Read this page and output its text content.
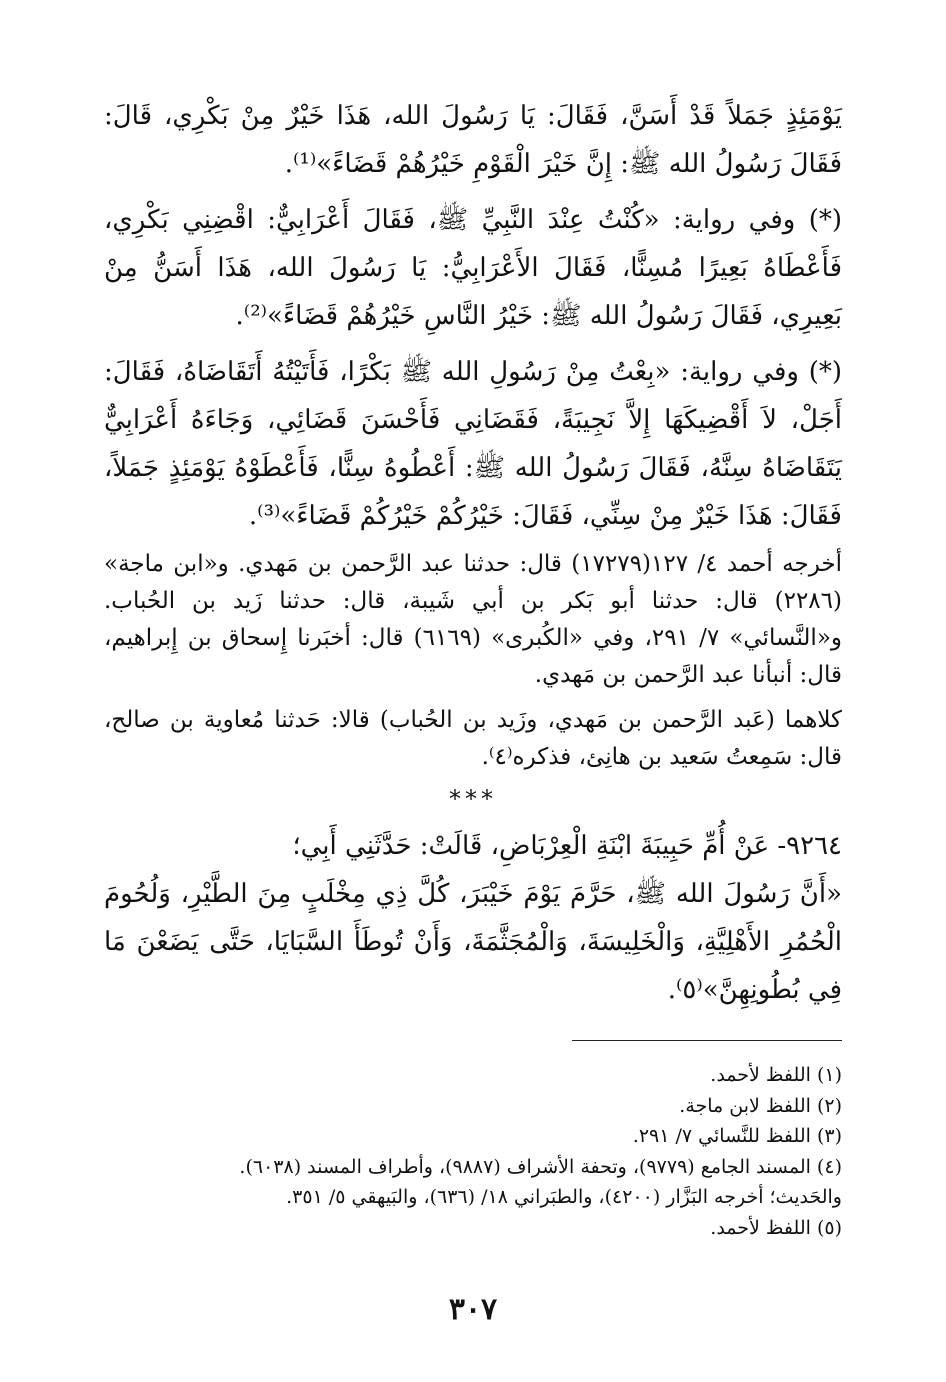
يَوْمَئِذٍ جَمَلاً قَدْ أَسَنَّ، فَقَالَ: يَا رَسُولَ الله، هَذَا خَيْرٌ مِنْ بَكْرِي، قَالَ: فَقَالَ رَسُولُ الله ﷺ: إِنَّ خَيْرَ الْقَوْمِ خَيْرُهُمْ قَضَاءً»⁽¹⁾.

(*) وفي رواية: «كُنْتُ عِنْدَ النَّبِيِّ ﷺ، فَقَالَ أَعْرَابِيٌّ: اقْضِنِي بَكْرِي، فَأَعْطَاهُ بَعِيرًا مُسِنًّا، فَقَالَ الأَعْرَابِيُّ: يَا رَسُولَ الله، هَذَا أَسَنُّ مِنْ بَعِيرِي، فَقَالَ رَسُولُ الله ﷺ: خَيْرُ النَّاسِ خَيْرُهُمْ قَضَاءً»⁽²⁾.

(*) وفي رواية: «بِعْتُ مِنْ رَسُولِ الله ﷺ بَكْرًا، فَأَتَيْتُهُ أَتَقَاضَاهُ، فَقَالَ: أَجَلْ، لاَ أَقْضِيكَهَا إِلاَّ نَجِيبَةً، فَقَضَانِي فَأَحْسَنَ قَضَائِي، وَجَاءَهُ أَعْرَابِيٌّ يَتَقَاضَاهُ سِنَّهُ، فَقَالَ رَسُولُ الله ﷺ: أَعْطُوهُ سِنًّا، فَأَعْطَوْهُ يَوْمَئِذٍ جَمَلاً، فَقَالَ: هَذَا خَيْرٌ مِنْ سِنِّي، فَقَالَ: خَيْرُكُمْ خَيْرُكُمْ قَضَاءً»⁽³⁾.

أخرجه أحمد ٤/ ١٢٧(١٧٢٧٩) قال: حدثنا عبد الرَّحمن بن مَهدي. و«ابن ماجة» (٢٢٨٦) قال: حدثنا أبو بَكر بن أبي شَيبة، قال: حدثنا زَيد بن الحُباب. و«النَّسائي» ٧/ ٢٩١، وفي «الكُبرى» (٦١٦٩) قال: أخبَرنا إِسحاق بن إِبراهيم، قال: أنبأنا عبد الرَّحمن بن مَهدي.

كلاهما (عَبد الرَّحمن بن مَهدي، وزَيد بن الحُباب) قالا: حَدثنا مُعاوية بن صالح، قال: سَمِعتُ سَعيد بن هانِئ، فذكره⁽٤⁾.

***

٩٢٦٤- عَنْ أُمِّ حَبِيبَةَ ابْنَةِ الْعِرْبَاضِ، قَالَتْ: حَدَّثَنِي أَبِي؛

«أَنَّ رَسُولَ الله ﷺ، حَرَّمَ يَوْمَ خَيْبَرَ، كُلَّ ذِي مِخْلَبٍ مِنَ الطَّيْرِ، وَلُحُومَ الْحُمُرِ الأَهْلِيَّةِ، وَالْخَلِيسَةَ، وَالْمُجَثَّمَةَ، وَأَنْ تُوطَأَ السَّبَايَا، حَتَّى يَضَعْنَ مَا فِي بُطُونِهِنَّ»⁽٥⁾.

(١) اللفظ لأحمد.

(٢) اللفظ لابن ماجة.

(٣) اللفظ للنَّسائي ٧/ ٢٩١.

(٤) المسند الجامع (٩٧٧٩)، وتحفة الأشراف (٩٨٨٧)، وأطراف المسند (٦٠٣٨).

والحَديث؛ أخرجه البَزَّار (٤٢٠٠)، والطبَراني ١٨/ (٦٣٦)، والبَيهقي ٥/ ٣٥١.

(٥) اللفظ لأحمد.

٣٠٧
